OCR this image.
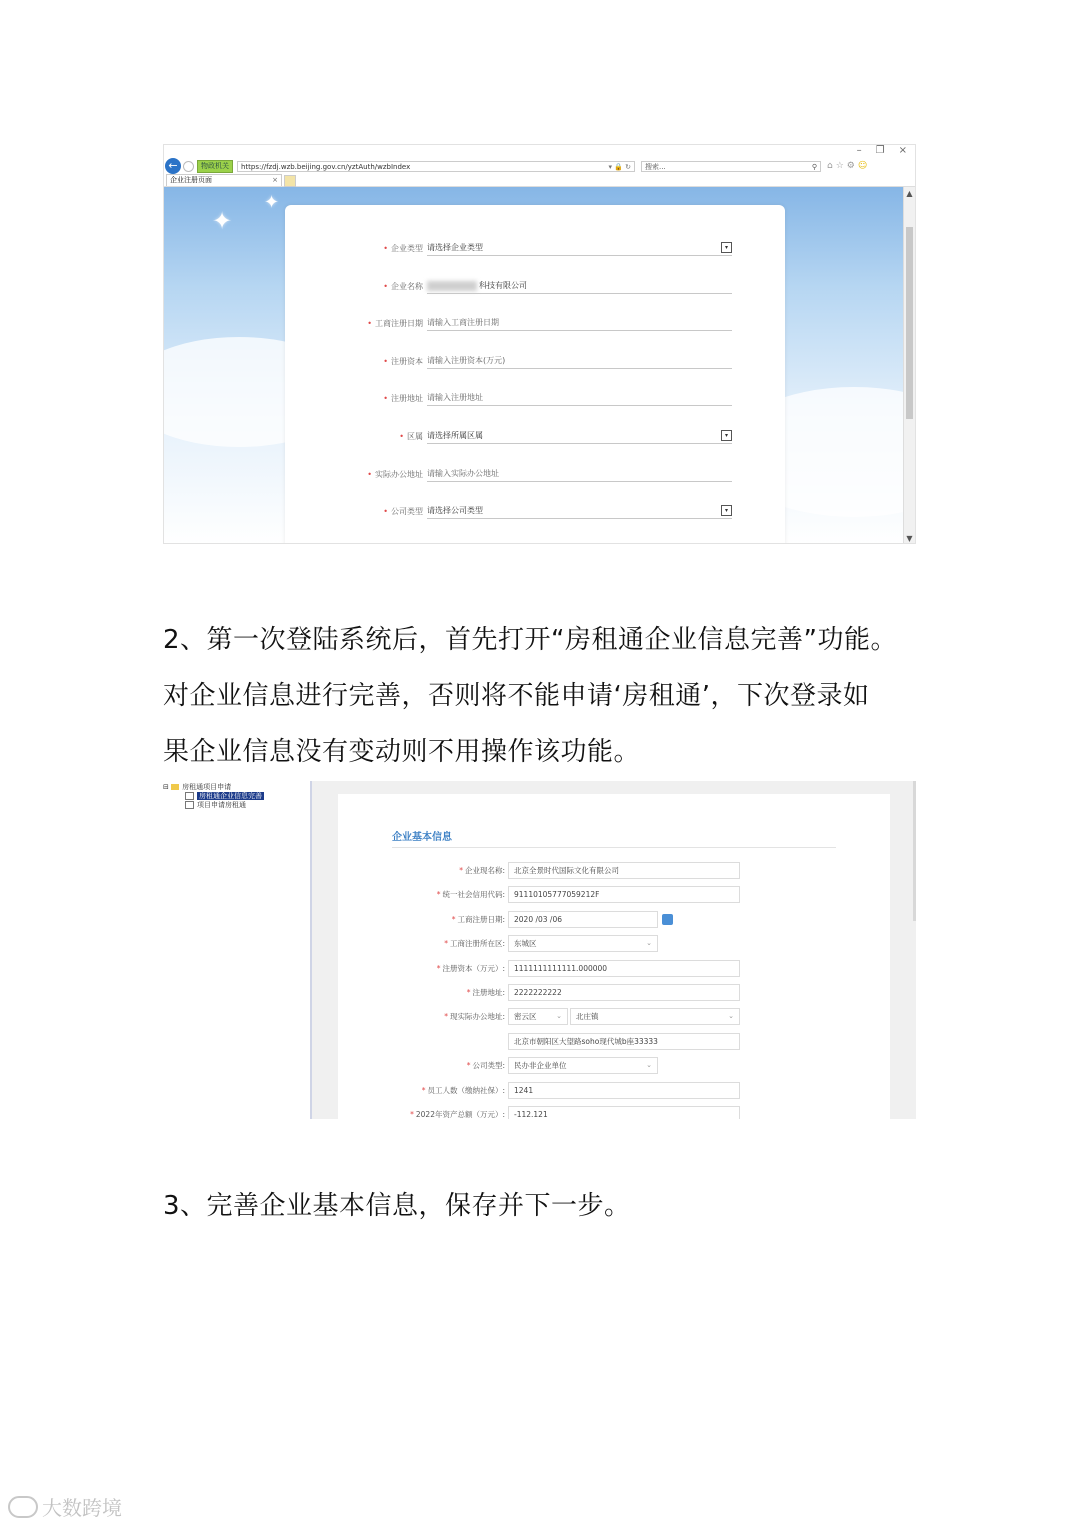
– ❐ ×
←	物政机关	https://fzdj.wzb.beijing.gov.cn/yztAuth/wzbIndex	▾ 🔒 ↻	搜索...	⚲ ⌂ ☆ ⚙ ☺
企业注册页面	×
✦
✦
• 企业类型 请选择企业类型	▾
• 企业名称	科技有限公司
• 工商注册日期 请输入工商注册日期
• 注册资本 请输入注册资本(万元)
• 注册地址 请输入注册地址
• 区属 请选择所属区属	▾
• 实际办公地址 请输入实际办公地址
• 公司类型 请选择公司类型	▾
▲
▼
2、第一次登陆系统后，首先打开“房租通企业信息完善”功能。
对企业信息进行完善，否则将不能申请‘房租通’，下次登录如
果企业信息没有变动则不用操作该功能。
⊟ 房租通项目申请
房租通企业信息完善
项目申请房租通
企业基本信息
* 企业现名称:	北京全景时代国际文化有限公司
* 统一社会信用代码:	91110105777059212F
* 工商注册日期:	2020 /03 /06
* 工商注册所在区:	东城区	⌄
* 注册资本（万元）:	1111111111111.000000
* 注册地址:	2222222222
* 现实际办公地址:	密云区	⌄	北庄镇	⌄
北京市朝阳区大望路soho现代城b座33333
* 公司类型:	民办非企业单位	⌄
* 员工人数（缴纳社保）:	1241
* 2022年资产总额（万元）:	-112.121
3、完善企业基本信息，保存并下一步。
大数跨境
